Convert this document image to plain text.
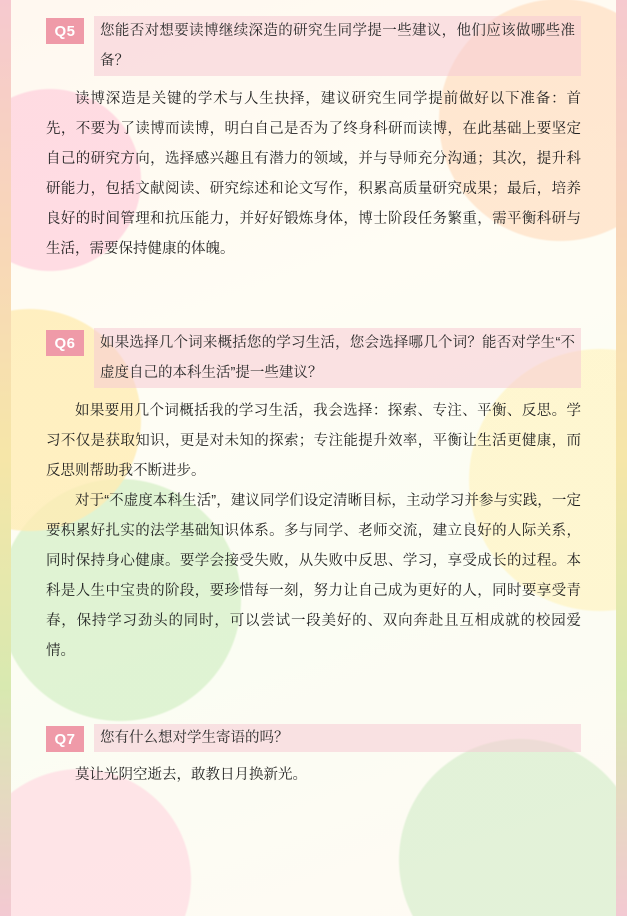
Q5	您能否对想要读博继续深造的研究生同学提一些建议，他们应该做哪些准备？

读博深造是关键的学术与人生抉择，建议研究生同学提前做好以下准备：首先，不要为了读博而读博，明白自己是否为了终身科研而读博，在此基础上要坚定自己的研究方向，选择感兴趣且有潜力的领域，并与导师充分沟通；其次，提升科研能力，包括文献阅读、研究综述和论文写作，积累高质量研究成果；最后，培养良好的时间管理和抗压能力，并好好锻炼身体，博士阶段任务繁重，需平衡科研与生活，需要保持健康的体魄。

Q6	如果选择几个词来概括您的学习生活，您会选择哪几个词？能否对学生“不虚度自己的本科生活”提一些建议？

如果要用几个词概括我的学习生活，我会选择：探索、专注、平衡、反思。学习不仅是获取知识，更是对未知的探索；专注能提升效率，平衡让生活更健康，而反思则帮助我不断进步。

对于“不虚度本科生活”，建议同学们设定清晰目标，主动学习并参与实践，一定要积累好扎实的法学基础知识体系。多与同学、老师交流，建立良好的人际关系，同时保持身心健康。要学会接受失败，从失败中反思、学习，享受成长的过程。本科是人生中宝贵的阶段，要珍惜每一刻，努力让自己成为更好的人，同时要享受青春，保持学习劲头的同时，可以尝试一段美好的、双向奔赴且互相成就的校园爱情。

Q7	您有什么想对学生寄语的吗？

莫让光阴空逝去，敢教日月换新光。
